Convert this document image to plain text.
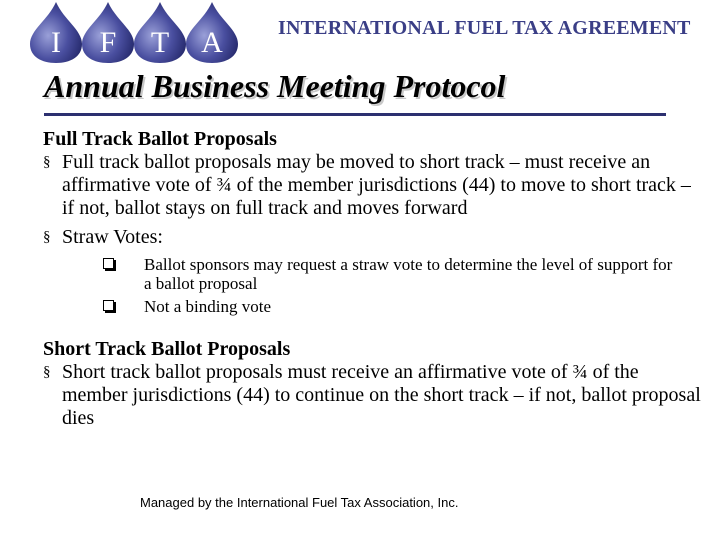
I F T A	INTERNATIONAL FUEL TAX AGREEMENT
Annual Business Meeting Protocol
Full Track Ballot Proposals
§ Full track ballot proposals may be moved to short track – must receive an affirmative vote of ¾ of the member jurisdictions (44) to move to short track – if not, ballot stays on full track and moves forward
§ Straw Votes:
Ballot sponsors may request a straw vote to determine the level of support for a ballot proposal
Not a binding vote
Short Track Ballot Proposals
§ Short track ballot proposals must receive an affirmative vote of ¾ of the member jurisdictions (44) to continue on the short track – if not, ballot proposal dies
Managed by the International Fuel Tax Association, Inc.
